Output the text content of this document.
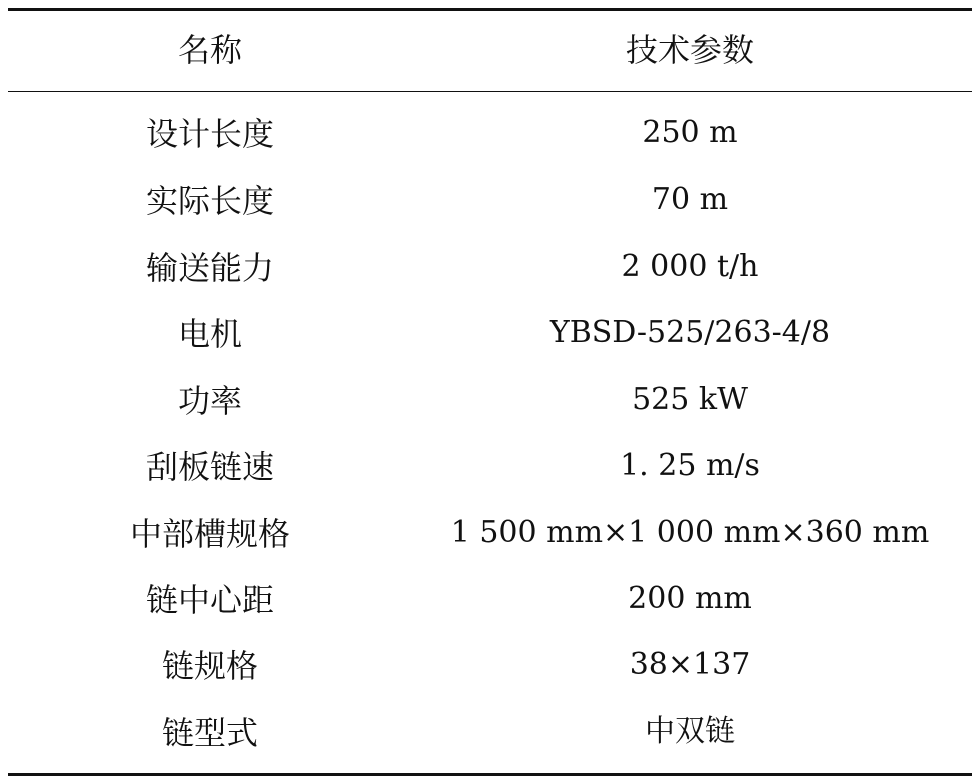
名称	技术参数
设计长度	250 m
实际长度	70 m
输送能力	2 000 t/h
电机	YBSD-525/263-4/8
功率	525 kW
刮板链速	1. 25 m/s
中部槽规格	1 500 mm×1 000 mm×360 mm
链中心距	200 mm
链规格	38×137
链型式	中双链
